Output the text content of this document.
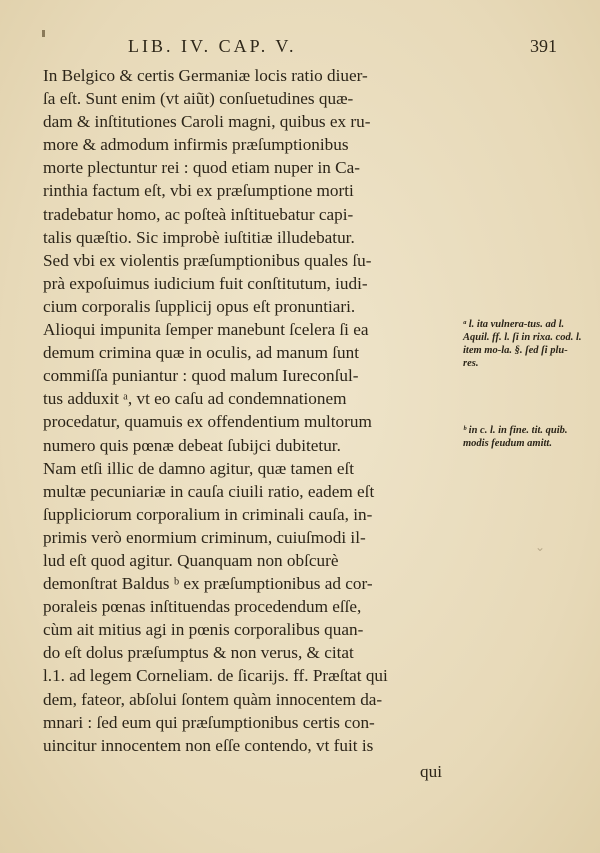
LIB. IV. CAP. V.	391
In Belgico & certis Germaniæ locis ratio diuer-
ſa eſt. Sunt enim (vt aiũt) conſuetudines quæ-
dam & inſtitutiones Caroli magni, quibus ex ru-
more & admodum infirmis præſumptionibus
morte plectuntur rei : quod etiam nuper in Ca-
rinthia factum eſt, vbi ex præſumptione morti
tradebatur homo, ac poſteà inſtituebatur capi-
talis quæſtio. Sic improbè iuſtitiæ illudebatur.
Sed vbi ex violentis præſumptionibus quales ſu-
prà expoſuimus iudicium fuit conſtitutum, iudi-
cium corporalis ſupplicij opus eſt pronuntiari.
Alioqui impunita ſemper manebunt ſcelera ſi ea
demum crimina quæ in oculis, ad manum ſunt
commiſſa puniantur : quod malum Iureconſul-
tus adduxit ᵃ, vt eo caſu ad condemnationem
procedatur, quamuis ex offendentium multorum
numero quis pœnæ debeat ſubijci dubitetur.
Nam etſi illic de damno agitur, quæ tamen eſt
multæ pecuniariæ in cauſa ciuili ratio, eadem eſt
ſuppliciorum corporalium in criminali cauſa, in-
primis verò enormium criminum, cuiuſmodi il-
lud eſt quod agitur. Quanquam non obſcurè
demonſtrat Baldus ᵇ ex præſumptionibus ad cor-
poraleis pœnas inſtituendas procedendum eſſe,
cùm ait mitius agi in pœnis corporalibus quan-
do eſt dolus præſumptus & non verus, & citat
l.1. ad legem Corneliam. de ſicarijs. ff. Præſtat qui
dem, fateor, abſolui ſontem quàm innocentem da-
mnari : ſed eum qui præſumptionibus certis con-
uincitur innocentem non eſſe contendo, vt fuit is
ᵃ l. ita vulnera-tus. ad l. Aquil. ff. l. ſi in rixa. cod. l. item mo-la. §. ſed ſi plu-res.
ᵇ in c. l. in fine. tit. quib. modis feudum amitt.
⌄
qui
